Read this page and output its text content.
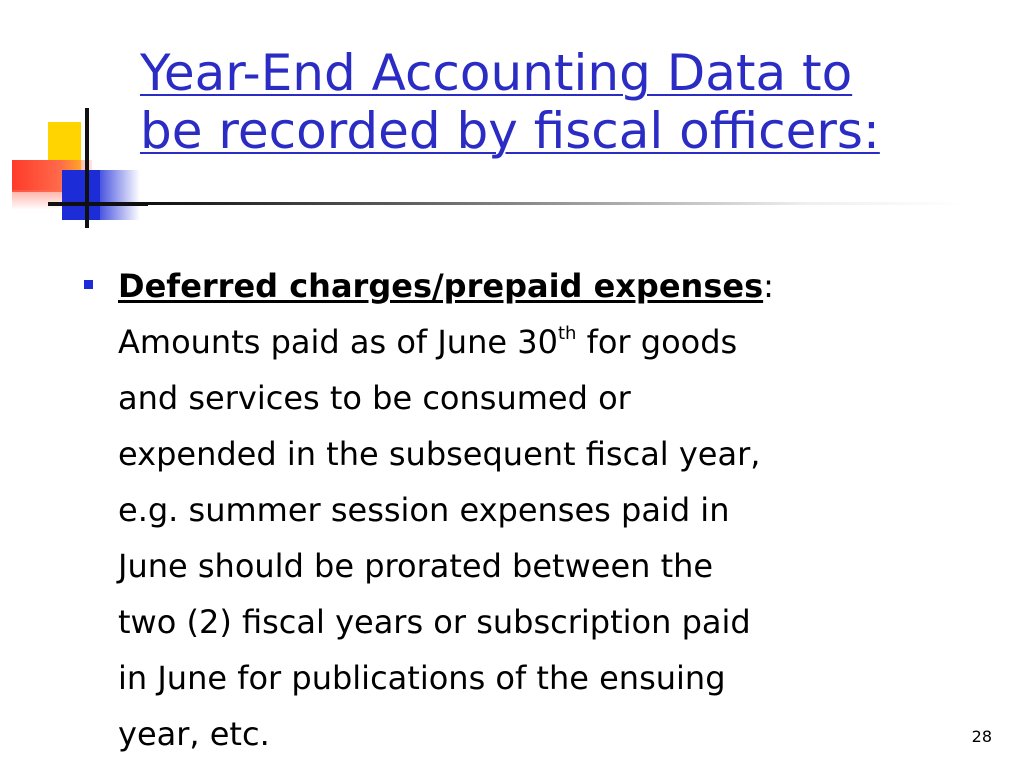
Year-End Accounting Data to
be recorded by fiscal officers:
Deferred charges/prepaid expenses:
Amounts paid as of June 30th for goods
and services to be consumed or
expended in the subsequent fiscal year,
e.g. summer session expenses paid in
June should be prorated between the
two (2) fiscal years or subscription paid
in June for publications of the ensuing
year, etc.	28
